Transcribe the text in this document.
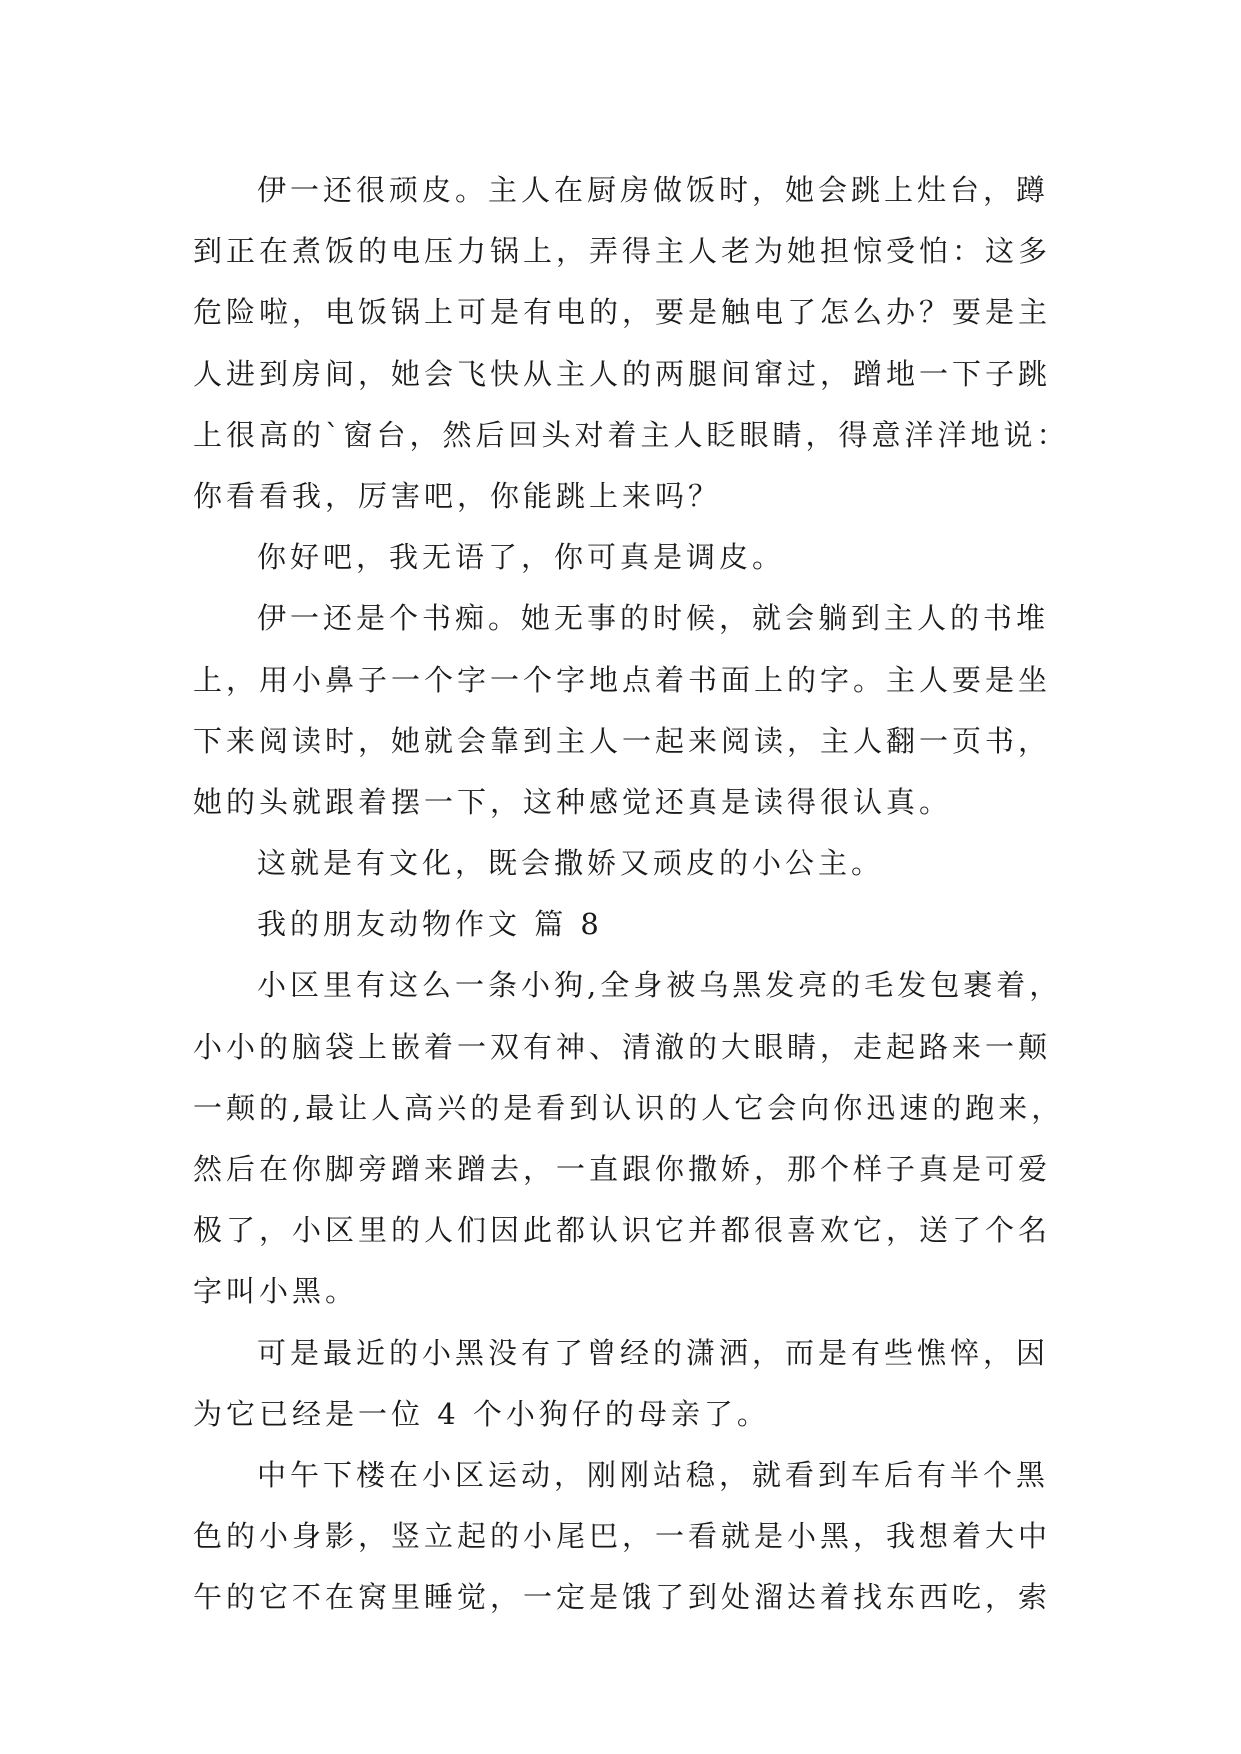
伊一还很顽皮。主人在厨房做饭时，她会跳上灶台，蹲
到正在煮饭的电压力锅上，弄得主人老为她担惊受怕：这多
危险啦，电饭锅上可是有电的，要是触电了怎么办？要是主
人进到房间，她会飞快从主人的两腿间窜过，蹭地一下子跳
上很高的`窗台，然后回头对着主人眨眼睛，得意洋洋地说：
你看看我，厉害吧，你能跳上来吗？
你好吧，我无语了，你可真是调皮。
伊一还是个书痴。她无事的时候，就会躺到主人的书堆
上，用小鼻子一个字一个字地点着书面上的字。主人要是坐
下来阅读时，她就会靠到主人一起来阅读，主人翻一页书，
她的头就跟着摆一下，这种感觉还真是读得很认真。
这就是有文化，既会撒娇又顽皮的小公主。
我的朋友动物作文 篇 8
小区里有这么一条小狗,全身被乌黑发亮的毛发包裹着，
小小的脑袋上嵌着一双有神、清澈的大眼睛，走起路来一颠
一颠的,最让人高兴的是看到认识的人它会向你迅速的跑来，
然后在你脚旁蹭来蹭去，一直跟你撒娇，那个样子真是可爱
极了，小区里的人们因此都认识它并都很喜欢它，送了个名
字叫小黑。
可是最近的小黑没有了曾经的潇洒，而是有些憔悴，因
为它已经是一位 4 个小狗仔的母亲了。
中午下楼在小区运动，刚刚站稳，就看到车后有半个黑
色的小身影，竖立起的小尾巴，一看就是小黑，我想着大中
午的它不在窝里睡觉，一定是饿了到处溜达着找东西吃，索
